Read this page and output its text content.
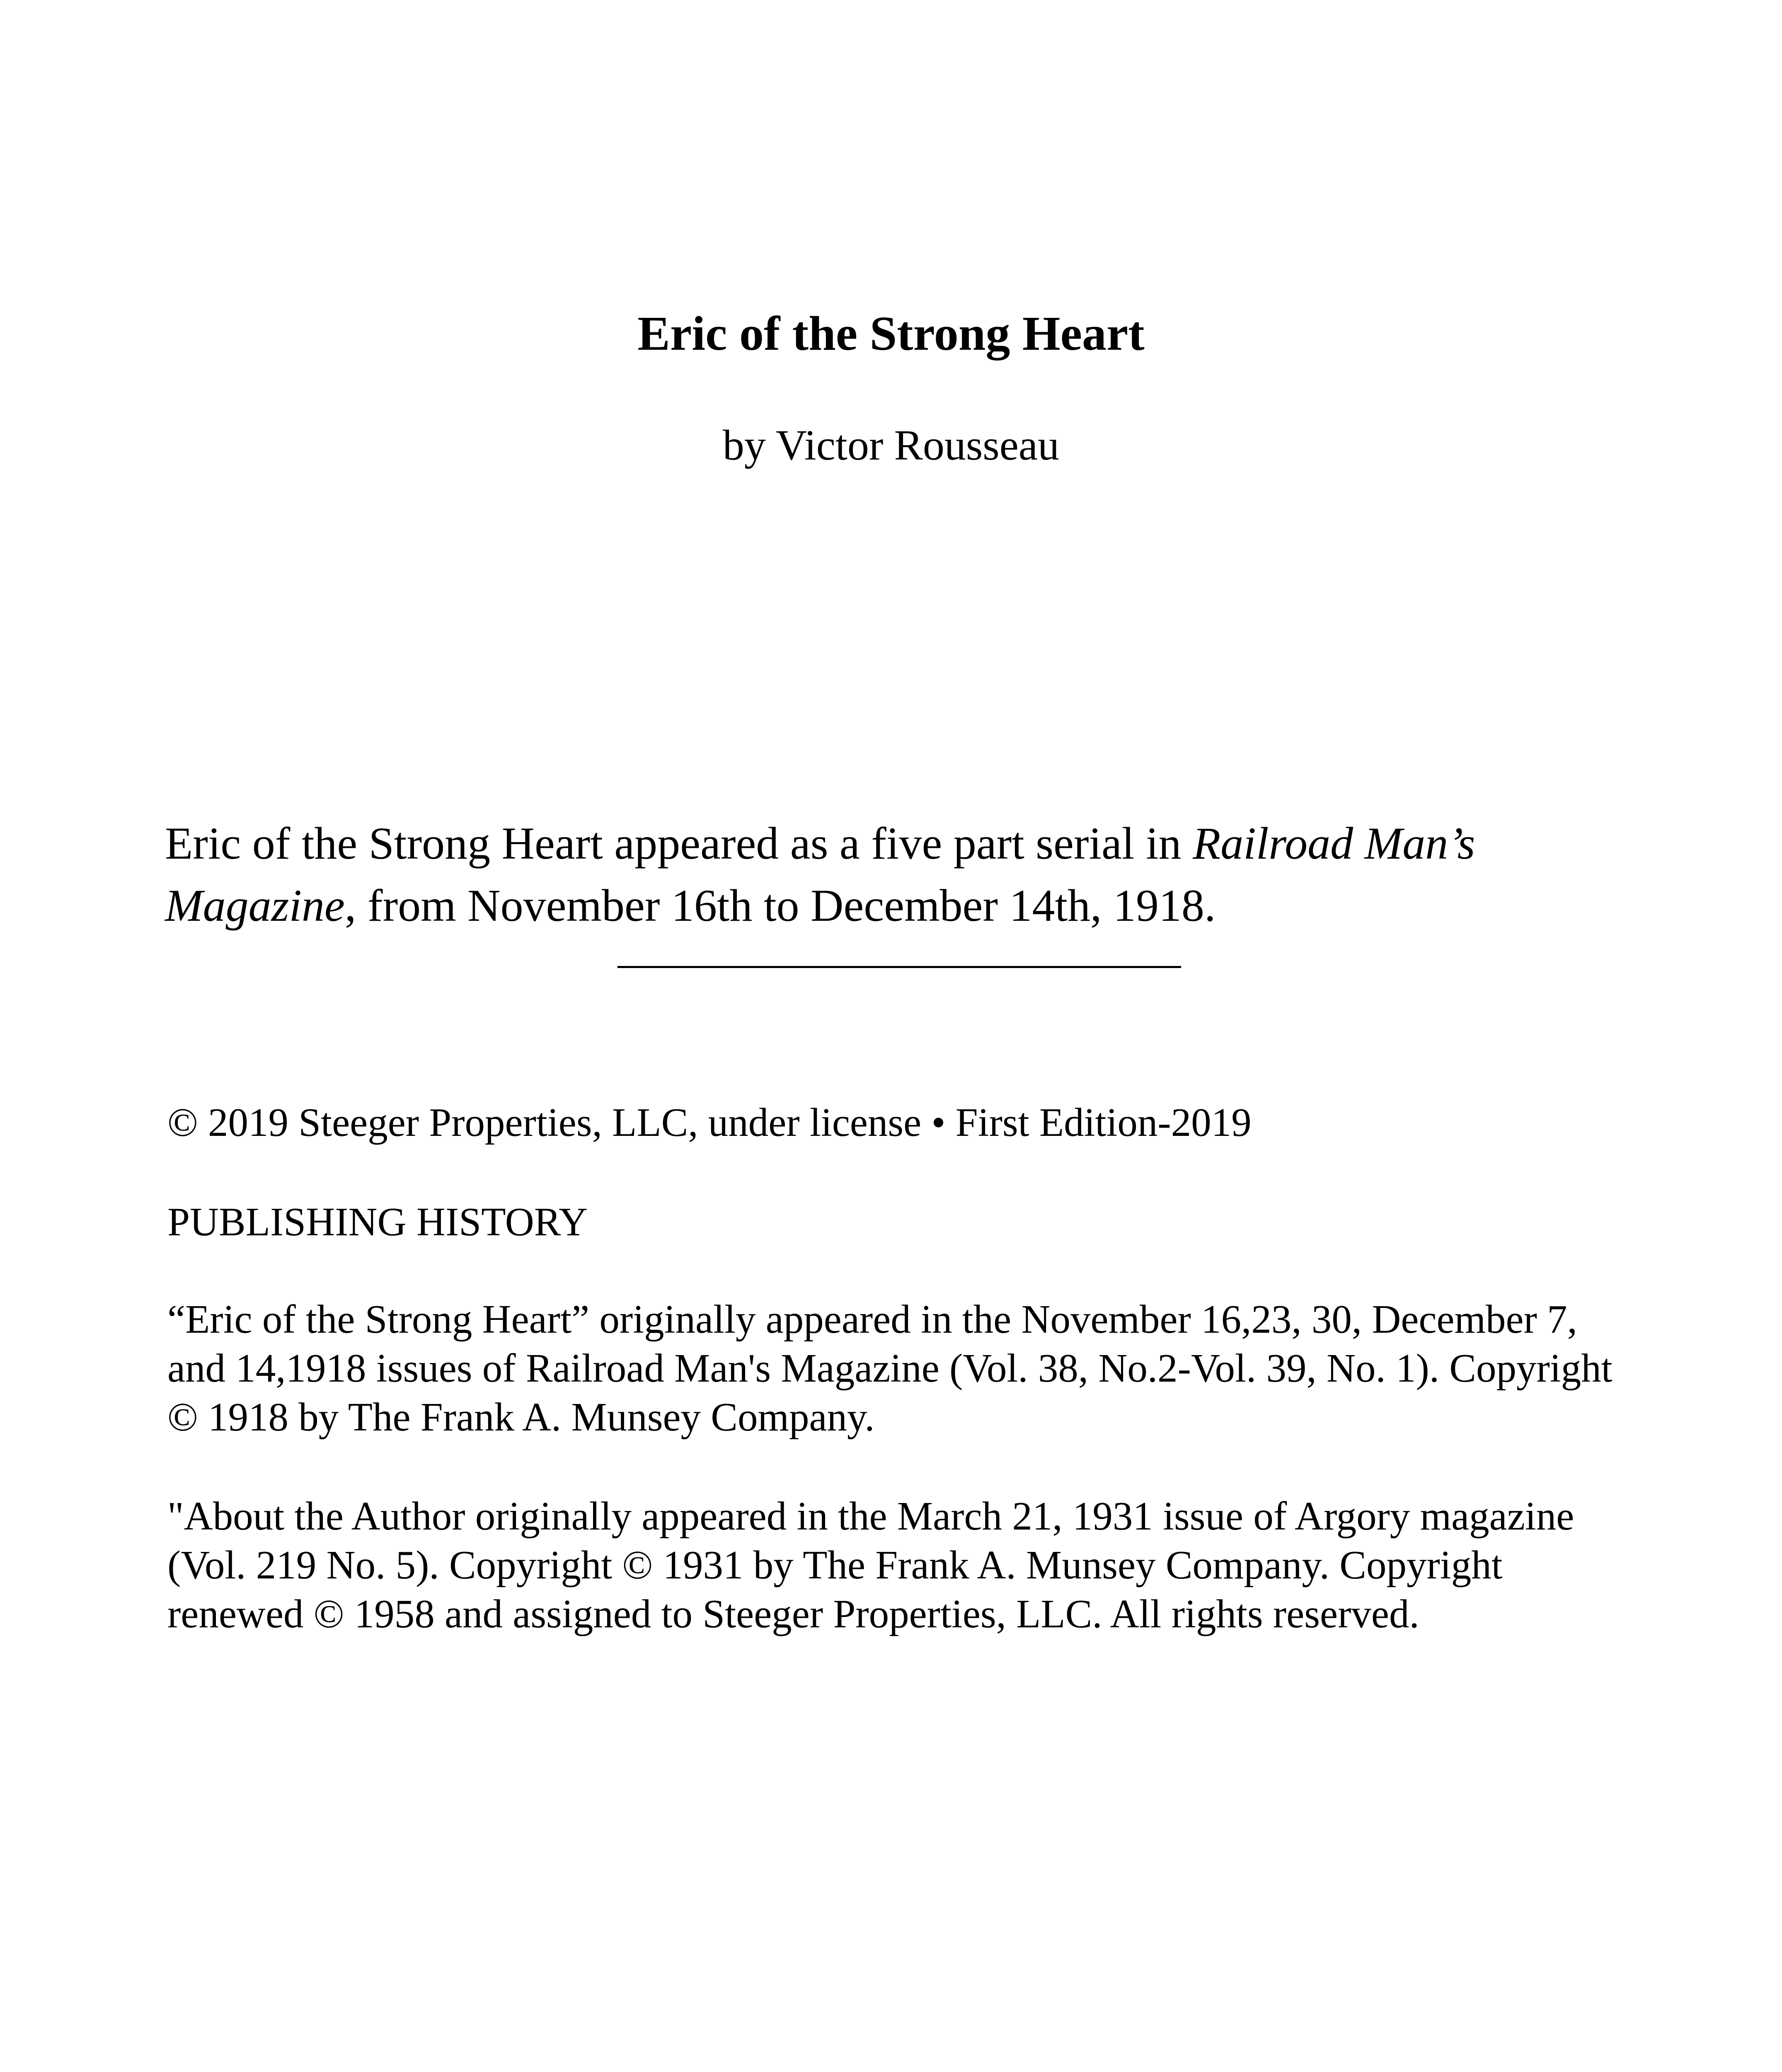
Eric of the Strong Heart

by Victor Rousseau

Eric of the Strong Heart appeared as a five part serial in Railroad Man’s
Magazine, from November 16th to December 14th, 1918.

© 2019 Steeger Properties, LLC, under license • First Edition-2019

PUBLISHING HISTORY

“Eric of the Strong Heart” originally appeared in the November 16,23, 30, December 7, and 14,1918 issues of Railroad Man's Magazine (Vol. 38, No.2-Vol. 39, No. 1). Copyright © 1918 by The Frank A. Munsey Company.

"About the Author originally appeared in the March 21, 1931 issue of Argory magazine (Vol. 219 No. 5). Copyright © 1931 by The Frank A. Munsey Company. Copyright renewed © 1958 and assigned to Steeger Properties, LLC. All rights reserved.
